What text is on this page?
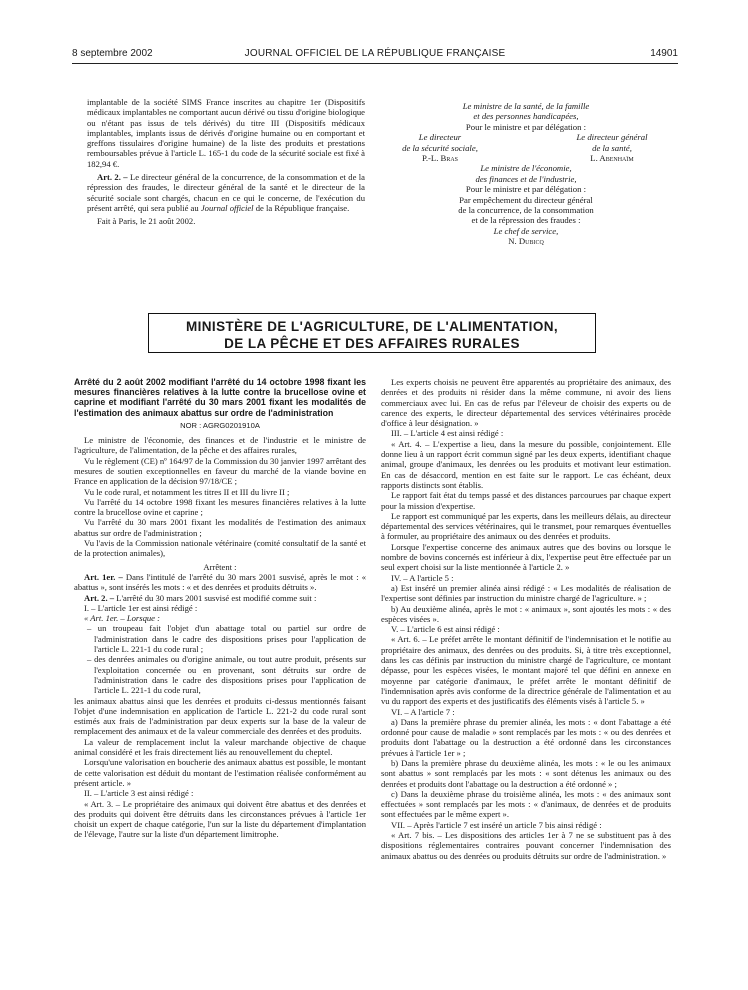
8 septembre 2002	JOURNAL OFFICIEL DE LA RÉPUBLIQUE FRANÇAISE	14901

implantable de la société SIMS France inscrites au chapitre 1er (Dispositifs médicaux implantables ne comportant aucun dérivé ou tissu d'origine biologique ou n'étant pas issus de tels dérivés) du titre III (Dispositifs médicaux implantables, implants issus de dérivés d'origine humaine ou en comportant et greffons tissulaires d'origine humaine) de la liste des produits et prestations remboursables prévue à l'article L. 165-1 du code de la sécurité sociale est fixé à 182,94 €.

Art. 2. – Le directeur général de la concurrence, de la consommation et de la répression des fraudes, le directeur général de la santé et le directeur de la sécurité sociale sont chargés, chacun en ce qui le concerne, de l'exécution du présent arrêté, qui sera publié au Journal officiel de la République française.

Fait à Paris, le 21 août 2002.

Le ministre de la santé, de la famille
et des personnes handicapées,
Pour le ministre et par délégation :
Le directeur
de la sécurité sociale,
P.-L. Bras
Le directeur général
de la santé,
L. Abenhaïm
Le ministre de l'économie,
des finances et de l'industrie,
Pour le ministre et par délégation :
Par empêchement du directeur général
de la concurrence, de la consommation
et de la répression des fraudes :
Le chef de service,
N. Dubicq
MINISTÈRE DE L'AGRICULTURE, DE L'ALIMENTATION,
DE LA PÊCHE ET DES AFFAIRES RURALES
Arrêté du 2 août 2002 modifiant l'arrêté du 14 octobre 1998 fixant les mesures financières relatives à la lutte contre la brucellose ovine et caprine et modifiant l'arrêté du 30 mars 2001 fixant les modalités de l'estimation des animaux abattus sur ordre de l'administration
NOR : AGRG0201910A

Le ministre de l'économie, des finances et de l'industrie et le ministre de l'agriculture, de l'alimentation, de la pêche et des affaires rurales,

Vu le règlement (CE) nº 164/97 de la Commission du 30 janvier 1997 arrêtant des mesures de soutien exceptionnelles en faveur du marché de la viande bovine en France en application de la décision 97/18/CE ;

Vu le code rural, et notamment les titres II et III du livre II ;

Vu l'arrêté du 14 octobre 1998 fixant les mesures financières relatives à la lutte contre la brucellose ovine et caprine ;

Vu l'arrêté du 30 mars 2001 fixant les modalités de l'estimation des animaux abattus sur ordre de l'administration ;

Vu l'avis de la Commission nationale vétérinaire (comité consultatif de la santé et de la protection animales),

Arrêtent :

Art. 1er. – Dans l'intitulé de l'arrêté du 30 mars 2001 susvisé, après le mot : « abattus », sont insérés les mots : « et des denrées et produits détruits ».

Art. 2. – L'arrêté du 30 mars 2001 susvisé est modifié comme suit :

I. – L'article 1er est ainsi rédigé :

« Art. 1er. – Lorsque :

– un troupeau fait l'objet d'un abattage total ou partiel sur ordre de l'administration dans le cadre des dispositions prises pour l'application de l'article L. 221-1 du code rural ;

– des denrées animales ou d'origine animale, ou tout autre produit, présents sur l'exploitation concernée ou en provenant, sont détruits sur ordre de l'administration dans le cadre des dispositions prises pour l'application de l'article L. 221-1 du code rural,

les animaux abattus ainsi que les denrées et produits ci-dessus mentionnés faisant l'objet d'une indemnisation en application de l'article L. 221-2 du code rural sont estimés aux frais de l'administration par deux experts sur la base de la valeur de remplacement des animaux et de la valeur commerciale des denrées et des produits.

La valeur de remplacement inclut la valeur marchande objective de chaque animal considéré et les frais directement liés au renouvellement du cheptel.

Lorsqu'une valorisation en boucherie des animaux abattus est possible, le montant de cette valorisation est déduit du montant de l'estimation réalisée conformément au présent article. »

II. – L'article 3 est ainsi rédigé :

« Art. 3. – Le propriétaire des animaux qui doivent être abattus et des denrées et des produits qui doivent être détruits dans les circonstances prévues à l'article 1er choisit un expert de chaque catégorie, l'un sur la liste du département d'implantation de l'élevage, l'autre sur la liste d'un département limitrophe.

Les experts choisis ne peuvent être apparentés au propriétaire des animaux, des denrées et des produits ni résider dans la même commune, ni avoir des liens commerciaux avec lui. En cas de refus par l'éleveur de choisir des experts ou de carence des experts, le directeur départemental des services vétérinaires procède d'office à leur désignation. »

III. – L'article 4 est ainsi rédigé :

« Art. 4. – L'expertise a lieu, dans la mesure du possible, conjointement. Elle donne lieu à un rapport écrit commun signé par les deux experts, identifiant chaque animal, groupe d'animaux, les denrées ou les produits et motivant leur estimation. En cas de désaccord, mention en est faite sur le rapport. Le cas échéant, deux rapports distincts sont établis.

Le rapport fait état du temps passé et des distances parcourues par chaque expert pour la mission d'expertise.

Le rapport est communiqué par les experts, dans les meilleurs délais, au directeur départemental des services vétérinaires, qui le transmet, pour remarques éventuelles à formuler, au propriétaire des animaux ou des denrées et produits.

Lorsque l'expertise concerne des animaux autres que des bovins ou lorsque le nombre de bovins concernés est inférieur à dix, l'expertise peut être effectuée par un seul expert choisi sur la liste mentionnée à l'article 2. »

IV. – A l'article 5 :

a) Est inséré un premier alinéa ainsi rédigé : « Les modalités de réalisation de l'expertise sont définies par instruction du ministre chargé de l'agriculture. » ;

b) Au deuxième alinéa, après le mot : « animaux », sont ajoutés les mots : « des espèces visées ».

V. – L'article 6 est ainsi rédigé :

« Art. 6. – Le préfet arrête le montant définitif de l'indemnisation et le notifie au propriétaire des animaux, des denrées ou des produits. Si, à titre très exceptionnel, dans les cas définis par instruction du ministre chargé de l'agriculture, ce montant dépasse, pour les espèces visées, le montant majoré tel que défini en annexe en moyenne par catégorie d'animaux, le préfet arrête le montant définitif de l'indemnisation après avis conforme de la directrice générale de l'alimentation et au vu du rapport des experts et des justificatifs des éléments visés à l'article 5. »

VI. – A l'article 7 :

a) Dans la première phrase du premier alinéa, les mots : « dont l'abattage a été ordonné pour cause de maladie » sont remplacés par les mots : « ou des denrées et produits dont l'abattage ou la destruction a été ordonné dans les circonstances prévues à l'article 1er » ;

b) Dans la première phrase du deuxième alinéa, les mots : « le ou les animaux sont abattus » sont remplacés par les mots : « sont détenus les animaux ou des denrées et produits dont l'abattage ou la destruction a été ordonné » ;

c) Dans la deuxième phrase du troisième alinéa, les mots : « des animaux sont effectuées » sont remplacés par les mots : « d'animaux, de denrées et de produits sont effectuées par le même expert ».

VII. – Après l'article 7 est inséré un article 7 bis ainsi rédigé :

« Art. 7 bis. – Les dispositions des articles 1er à 7 ne se substituent pas à des dispositions réglementaires contraires pouvant concerner l'indemnisation des animaux abattus ou des denrées ou produits détruits sur ordre de l'administration. »
